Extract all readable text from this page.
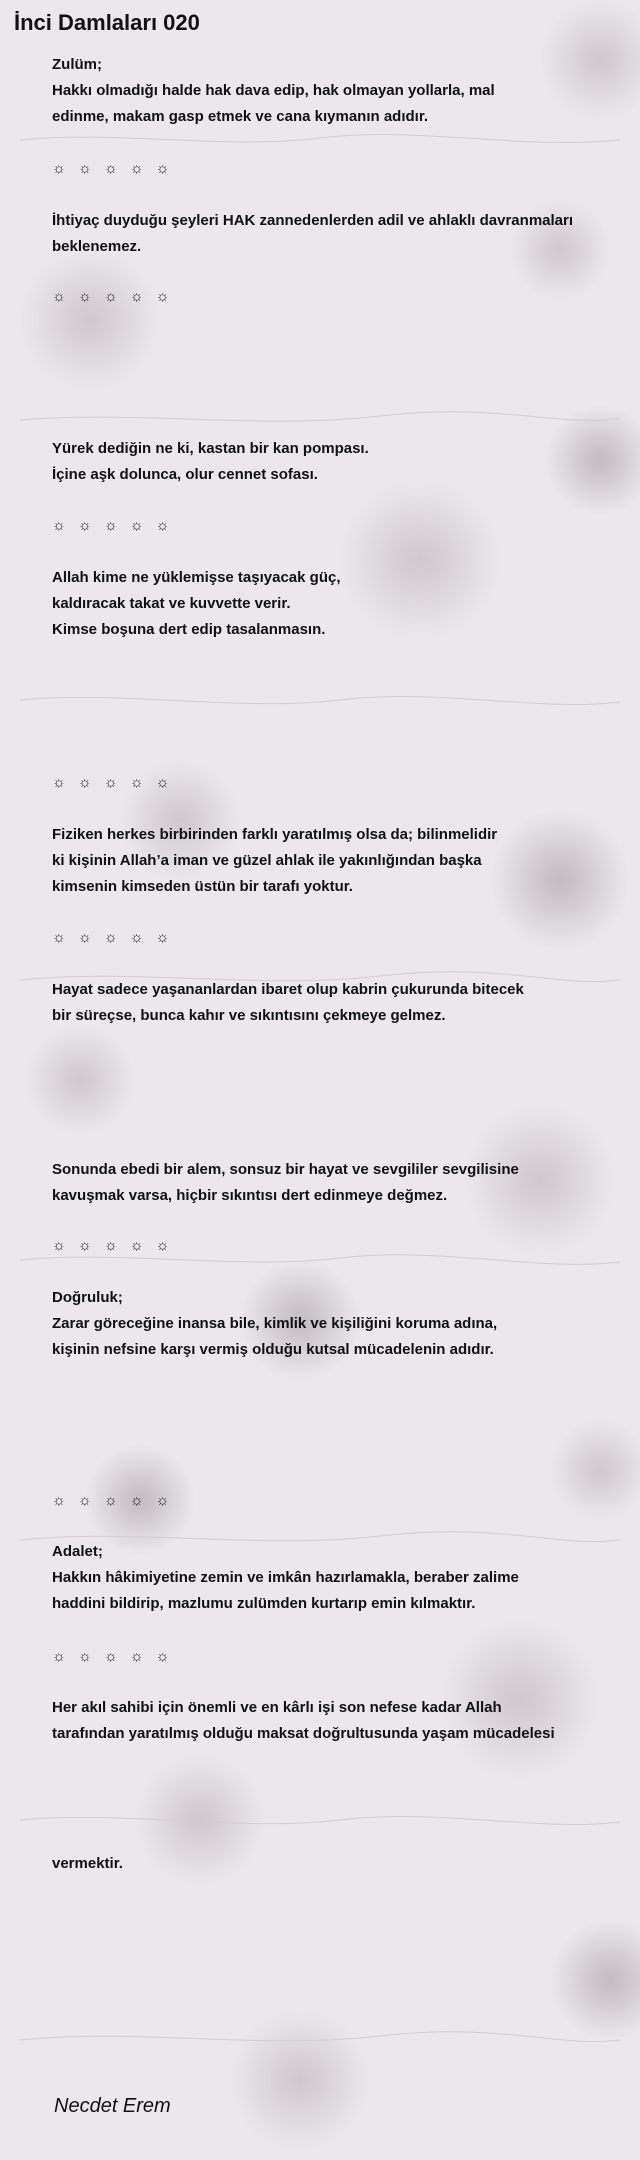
İnci Damlaları 020
Zulüm;
Hakkı olmadığı halde hak dava edip, hak olmayan yollarla, mal
edinme, makam gasp etmek ve cana kıymanın adıdır.
☼ ☼ ☼ ☼ ☼
İhtiyaç duyduğu şeyleri HAK zannedenlerden adil ve ahlaklı davranmaları
beklenemez.
☼ ☼ ☼ ☼ ☼
Yürek dediğin ne ki, kastan bir kan pompası.
İçine aşk dolunca, olur cennet sofası.
☼ ☼ ☼ ☼ ☼
Allah kime ne yüklemişse taşıyacak güç,
kaldıracak takat ve kuvvette verir.
Kimse boşuna dert edip tasalanmasın.
☼ ☼ ☼ ☼ ☼
Fiziken herkes birbirinden farklı yaratılmış olsa da; bilinmelidir
ki kişinin Allah’a iman ve güzel ahlak ile yakınlığından başka
kimsenin kimseden üstün bir tarafı yoktur.
☼ ☼ ☼ ☼ ☼
Hayat sadece yaşananlardan ibaret olup kabrin çukurunda bitecek
bir süreçse, bunca kahır ve sıkıntısını çekmeye gelmez.
Sonunda ebedi bir alem, sonsuz bir hayat ve sevgililer sevgilisine
kavuşmak varsa, hiçbir sıkıntısı dert edinmeye değmez.
☼ ☼ ☼ ☼ ☼
Doğruluk;
Zarar göreceğine inansa bile, kimlik ve kişiliğini koruma adına,
kişinin nefsine karşı vermiş olduğu kutsal mücadelenin adıdır.
☼ ☼ ☼ ☼ ☼
Adalet;
Hakkın hâkimiyetine zemin ve imkân hazırlamakla, beraber zalime
haddini bildirip, mazlumu zulümden kurtarıp emin kılmaktır.
☼ ☼ ☼ ☼ ☼
Her akıl sahibi için önemli ve en kârlı işi son nefese kadar Allah
tarafından yaratılmış olduğu maksat doğrultusunda yaşam mücadelesi
vermektir.

Necdet Erem
